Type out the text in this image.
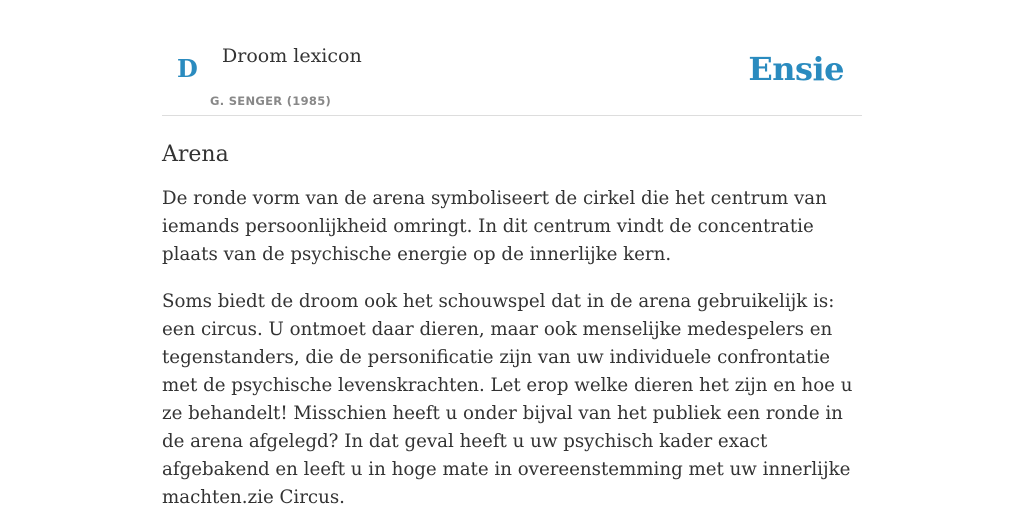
D Droom lexicon
G. SENGER (1985)
Ensie
Arena

De ronde vorm van de arena symboliseert de cirkel die het centrum van iemands persoonlijkheid omringt. In dit centrum vindt de concentratie plaats van de psychische energie op de innerlijke kern.

Soms biedt de droom ook het schouwspel dat in de arena gebruikelijk is: een circus. U ontmoet daar dieren, maar ook menselijke medespelers en tegenstanders, die de personificatie zijn van uw individuele confrontatie met de psychische levenskrachten. Let erop welke dieren het zijn en hoe u ze behandelt! Misschien heeft u onder bijval van het publiek een ronde in de arena afgelegd? In dat geval heeft u uw psychisch kader exact afgebakend en leeft u in hoge mate in overeenstemming met uw innerlijke machten.zie Circus.
